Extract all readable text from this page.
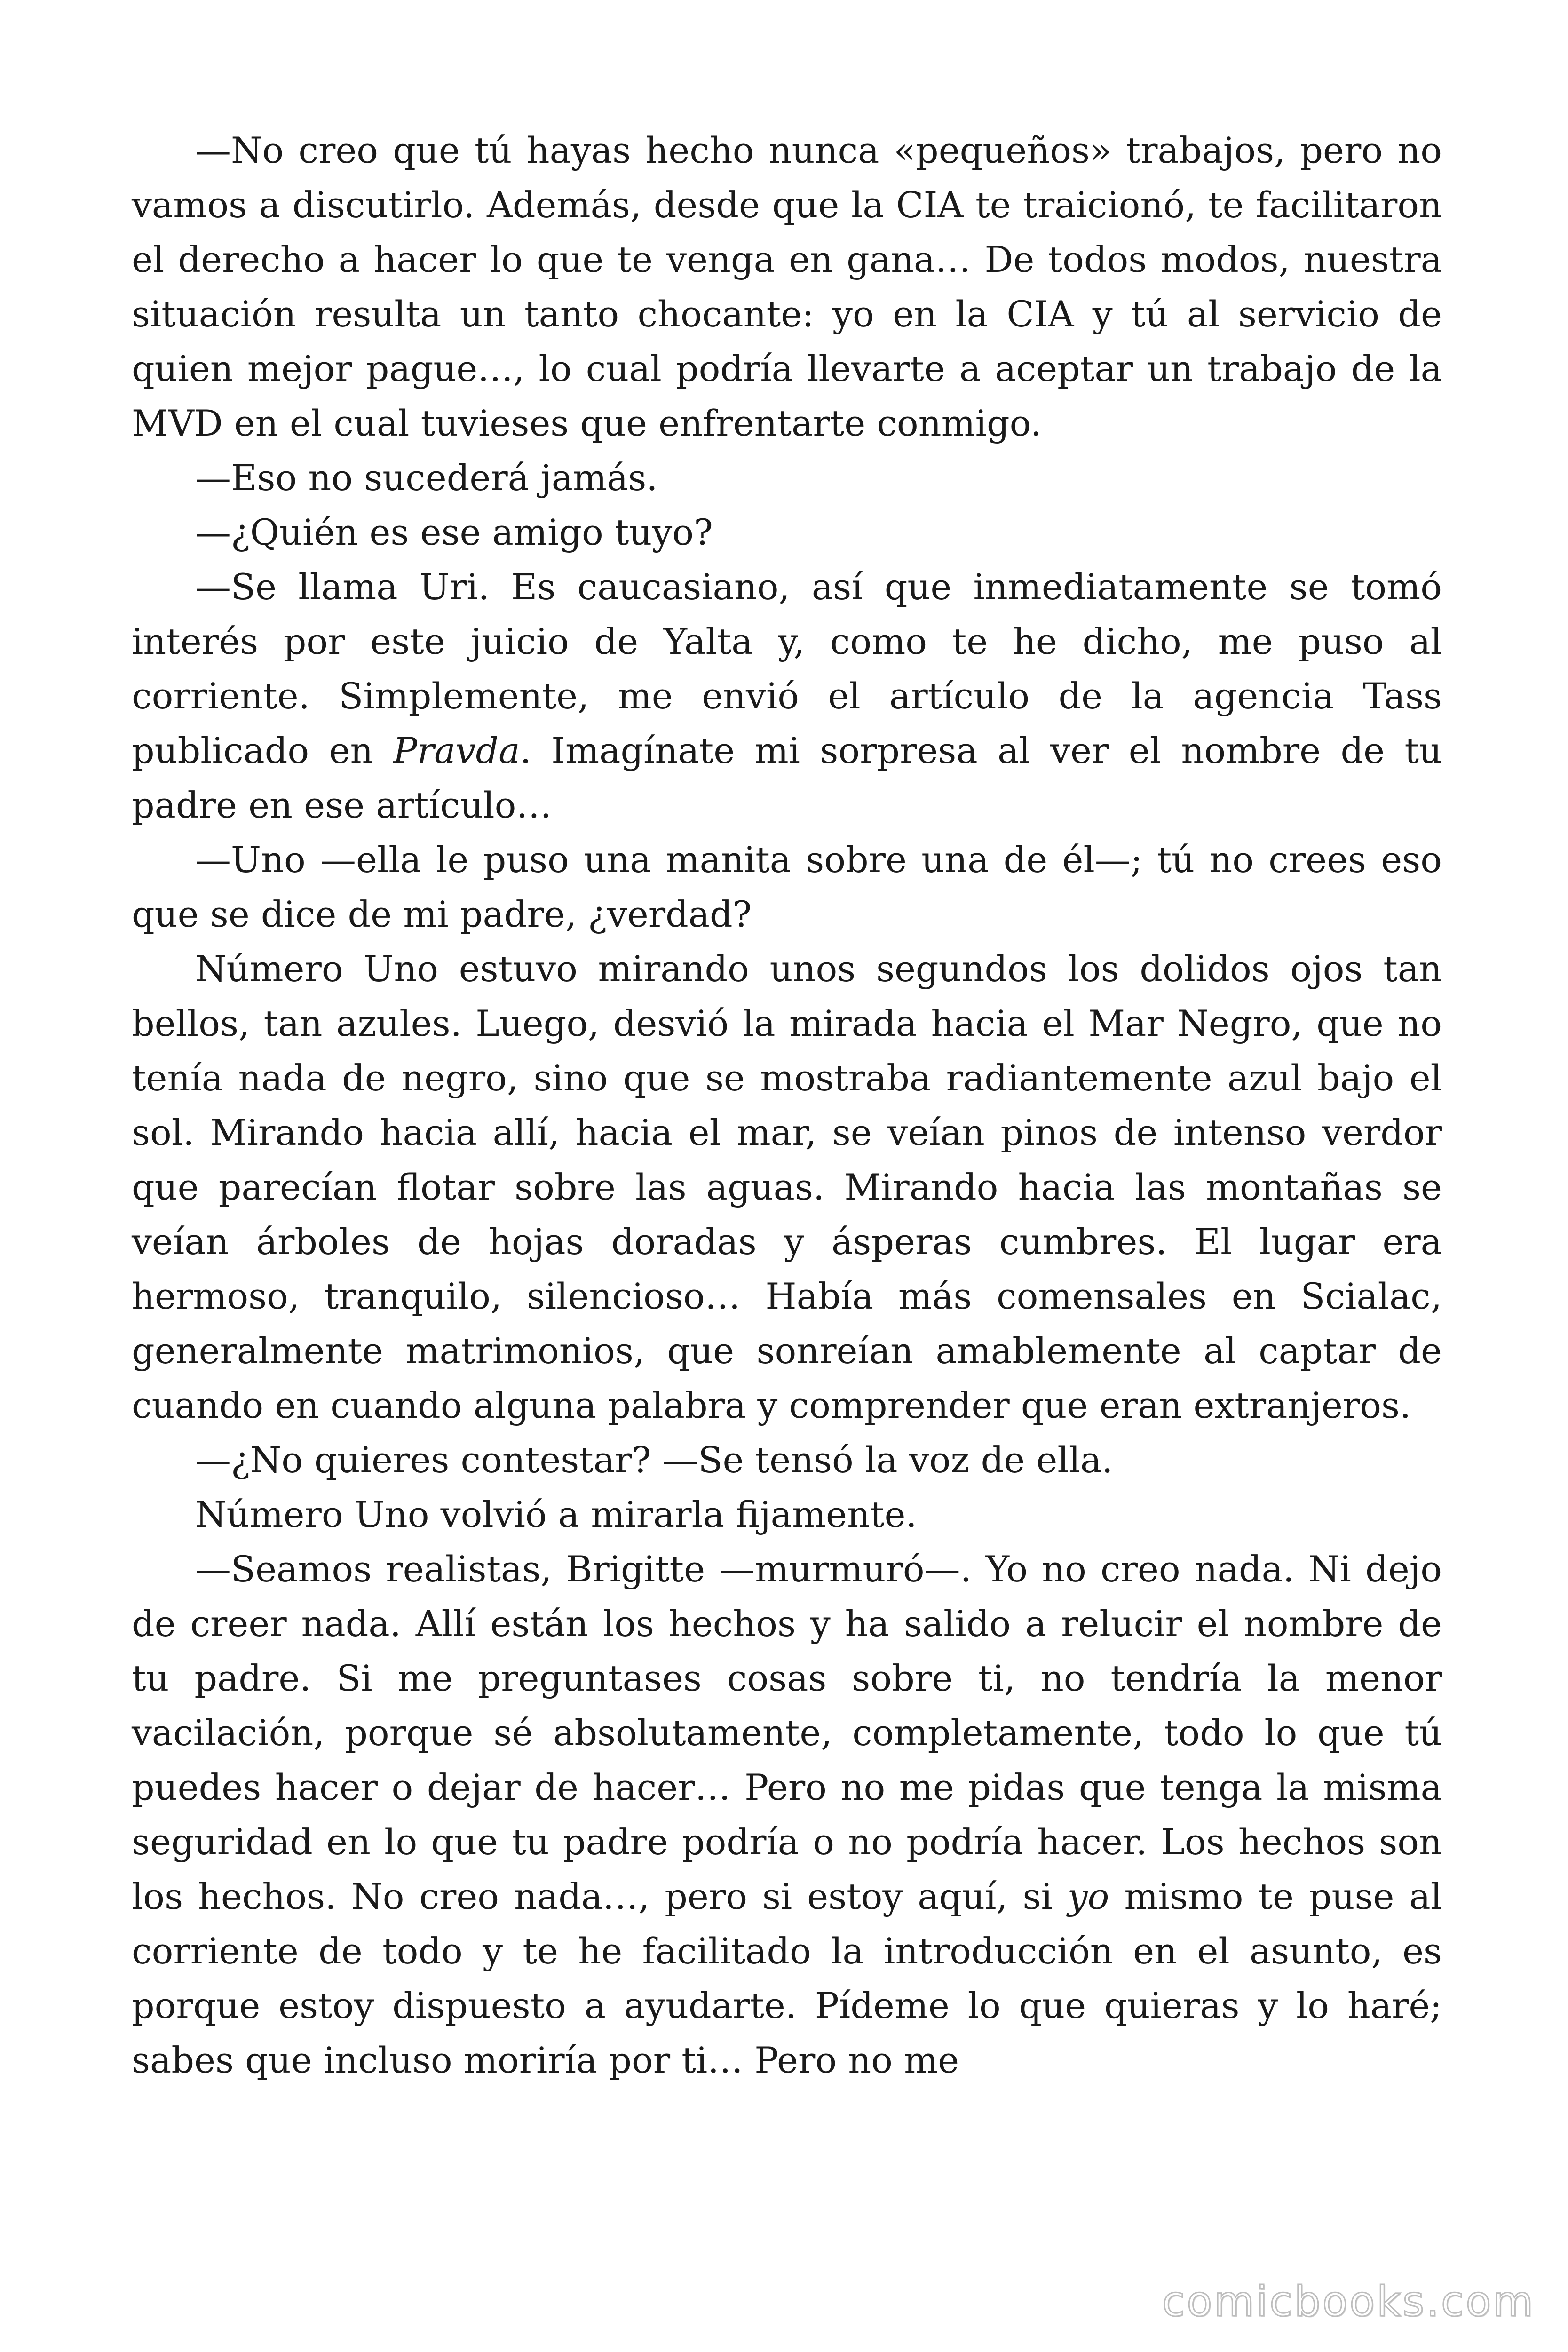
—No creo que tú hayas hecho nunca «pequeños» trabajos, pero no vamos a discutirlo. Además, desde que la CIA te traicionó, te facilitaron el derecho a hacer lo que te venga en gana… De todos modos, nuestra situación resulta un tanto chocante: yo en la CIA y tú al servicio de quien mejor pague…, lo cual podría llevarte a aceptar un trabajo de la MVD en el cual tuvieses que enfrentarte conmigo.

—Eso no sucederá jamás.

—¿Quién es ese amigo tuyo?

—Se llama Uri. Es caucasiano, así que inmediatamente se tomó interés por este juicio de Yalta y, como te he dicho, me puso al corriente. Simplemente, me envió el artículo de la agencia Tass publicado en Pravda. Imagínate mi sorpresa al ver el nombre de tu padre en ese artículo…

—Uno —ella le puso una manita sobre una de él—; tú no crees eso que se dice de mi padre, ¿verdad?

Número Uno estuvo mirando unos segundos los dolidos ojos tan bellos, tan azules. Luego, desvió la mirada hacia el Mar Negro, que no tenía nada de negro, sino que se mostraba radiantemente azul bajo el sol. Mirando hacia allí, hacia el mar, se veían pinos de intenso verdor que parecían flotar sobre las aguas. Mirando hacia las montañas se veían árboles de hojas doradas y ásperas cumbres. El lugar era hermoso, tranquilo, silencioso… Había más comensales en Scialac, generalmente matrimonios, que sonreían amablemente al captar de cuando en cuando alguna palabra y comprender que eran extranjeros.

—¿No quieres contestar? —Se tensó la voz de ella.

Número Uno volvió a mirarla fijamente.

—Seamos realistas, Brigitte —murmuró—. Yo no creo nada. Ni dejo de creer nada. Allí están los hechos y ha salido a relucir el nombre de tu padre. Si me preguntases cosas sobre ti, no tendría la menor vacilación, porque sé absolutamente, completamente, todo lo que tú puedes hacer o dejar de hacer… Pero no me pidas que tenga la misma seguridad en lo que tu padre podría o no podría hacer. Los hechos son los hechos. No creo nada…, pero si estoy aquí, si yo mismo te puse al corriente de todo y te he facilitado la introducción en el asunto, es porque estoy dispuesto a ayudarte. Pídeme lo que quieras y lo haré; sabes que incluso moriría por ti… Pero no me

comicbooks.com
